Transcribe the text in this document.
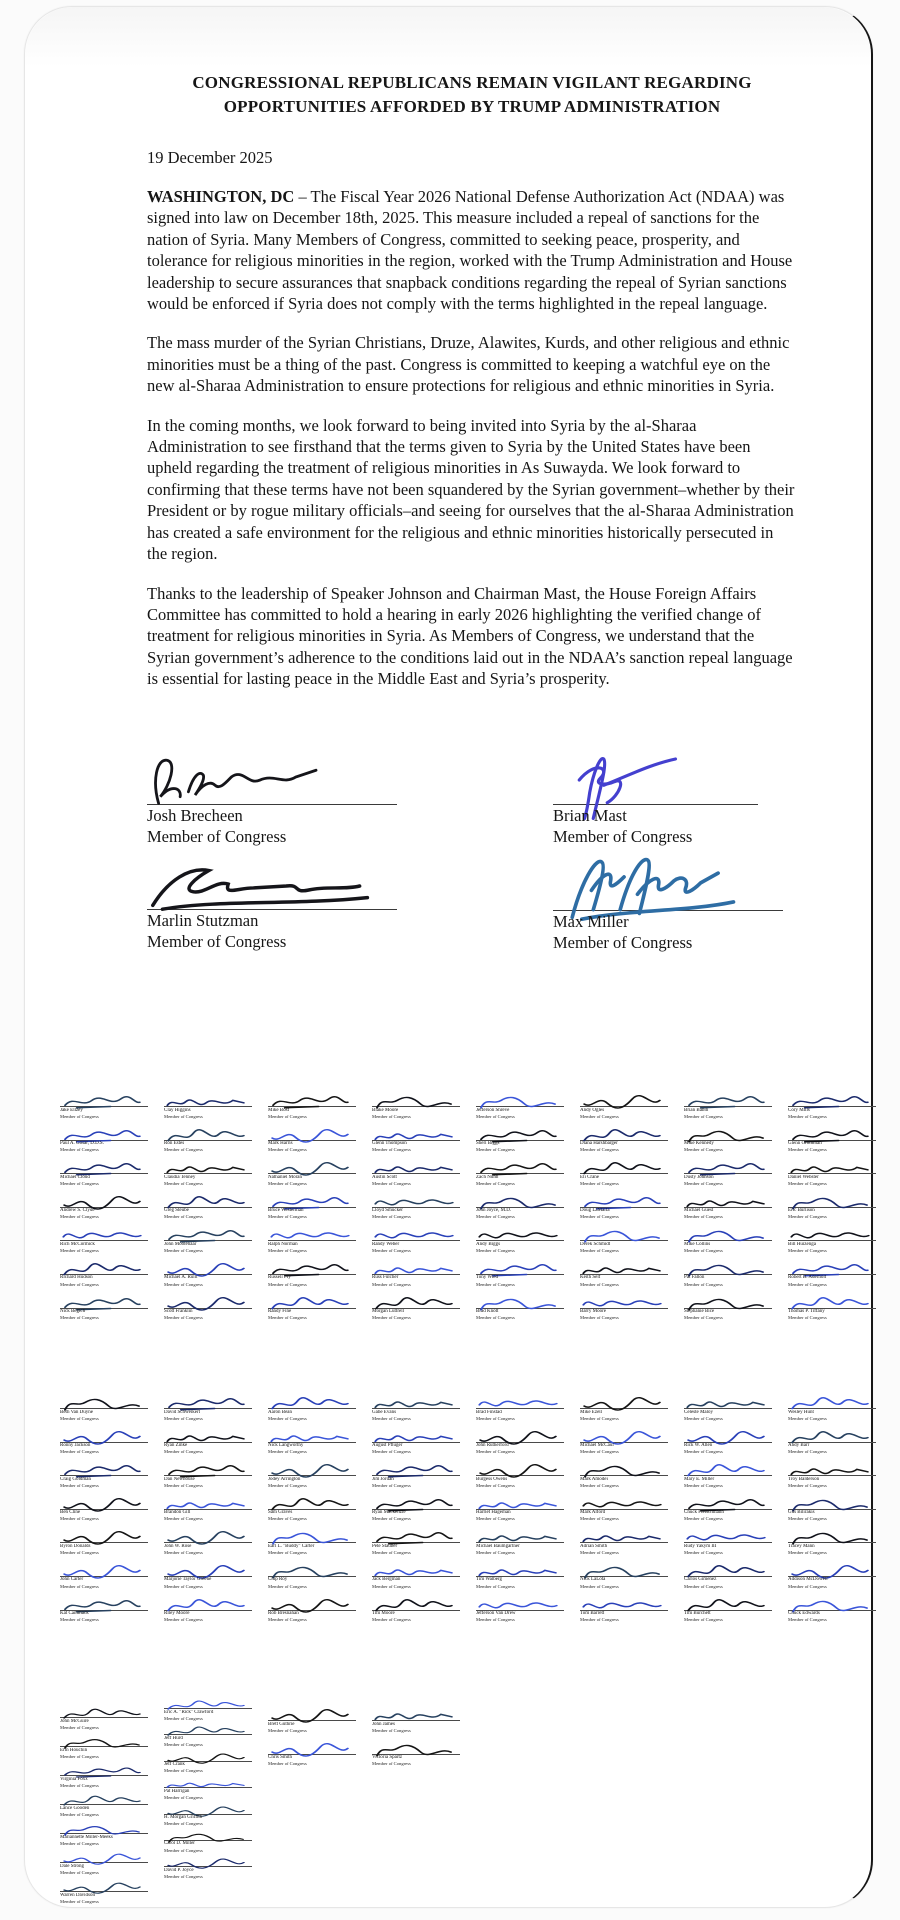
CONGRESSIONAL REPUBLICANS REMAIN VIGILANT REGARDING
OPPORTUNITIES AFFORDED BY TRUMP ADMINISTRATION
19 December 2025

WASHINGTON, DC – The Fiscal Year 2026 National Defense Authorization Act (NDAA) was signed into law on December 18th, 2025. This measure included a repeal of sanctions for the nation of Syria. Many Members of Congress, committed to seeking peace, prosperity, and tolerance for religious minorities in the region, worked with the Trump Administration and House leadership to secure assurances that snapback conditions regarding the repeal of Syrian sanctions would be enforced if Syria does not comply with the terms highlighted in the repeal language.

The mass murder of the Syrian Christians, Druze, Alawites, Kurds, and other religious and ethnic minorities must be a thing of the past. Congress is committed to keeping a watchful eye on the new al-Sharaa Administration to ensure protections for religious and ethnic minorities in Syria.

In the coming months, we look forward to being invited into Syria by the al-Sharaa Administration to see firsthand that the terms given to Syria by the United States have been upheld regarding the treatment of religious minorities in As Suwayda. We look forward to confirming that these terms have not been squandered by the Syrian government–whether by their President or by rogue military officials–and seeing for ourselves that the al-Sharaa Administration has created a safe environment for the religious and ethnic minorities historically persecuted in the region.

Thanks to the leadership of Speaker Johnson and Chairman Mast, the House Foreign Affairs Committee has committed to hold a hearing in early 2026 highlighting the verified change of treatment for religious minorities in Syria. As Members of Congress, we understand that the Syrian government’s adherence to the conditions laid out in the NDAA’s sanction repeal language is essential for lasting peace in the Middle East and Syria’s prosperity.

Josh Brecheen
Member of Congress
Brian Mast
Member of Congress
Marlin Stutzman
Member of Congress
Max Miller
Member of Congress
Jake Ellzey
Member of Congress
Paul A. Gosar, D.D.S.
Member of Congress
Michael Cloud
Member of Congress
Andrew S. Clyde
Member of Congress
Rich McCormick
Member of Congress
Richard Hudson
Member of Congress
Nick Begich
Member of Congress
Clay Higgins
Member of Congress
Ron Estes
Member of Congress
Claudia Tenney
Member of Congress
Greg Steube
Member of Congress
John Moolenaar
Member of Congress
Michael A. Rulli
Member of Congress
Scott Franklin
Member of Congress
Mike Bost
Member of Congress
Mark Harris
Member of Congress
Nathaniel Moran
Member of Congress
Bruce Westerman
Member of Congress
Ralph Norman
Member of Congress
Russell Fry
Member of Congress
Randy Fine
Member of Congress
Blake Moore
Member of Congress
Glenn Thompson
Member of Congress
Austin Scott
Member of Congress
Lloyd Smucker
Member of Congress
Randy Weber
Member of Congress
Russ Fulcher
Member of Congress
Morgan Luttrell
Member of Congress
Jefferson Shreve
Member of Congress
Sheri Biggs
Member of Congress
Zach Nunn
Member of Congress
John Joyce, M.D.
Member of Congress
Andy Biggs
Member of Congress
Tony Wied
Member of Congress
Brad Knott
Member of Congress
Andy Ogles
Member of Congress
Diana Harshbarger
Member of Congress
Eli Crane
Member of Congress
Doug LaMalfa
Member of Congress
Derek Schmidt
Member of Congress
Keith Self
Member of Congress
Barry Moore
Member of Congress
Brian Babin
Member of Congress
Mike Kennedy
Member of Congress
Dusty Johnson
Member of Congress
Michael Guest
Member of Congress
Mike Collins
Member of Congress
Pat Fallon
Member of Congress
Stephanie Bice
Member of Congress
Cory Mills
Member of Congress
Glenn Grothman
Member of Congress
Daniel Webster
Member of Congress
Eric Burlison
Member of Congress
Bill Huizenga
Member of Congress
Robert B. Aderholt
Member of Congress
Thomas P. Tiffany
Member of Congress
Beth Van Duyne
Member of Congress
Ronny Jackson
Member of Congress
Craig Goldman
Member of Congress
Ben Cline
Member of Congress
Byron Donalds
Member of Congress
John Carter
Member of Congress
Kat Cammack
Member of Congress
David Schweikert
Member of Congress
Ryan Zinke
Member of Congress
Dan Newhouse
Member of Congress
Brandon Gill
Member of Congress
John W. Rose
Member of Congress
Marjorie Taylor Greene
Member of Congress
Riley Moore
Member of Congress
Aaron Bean
Member of Congress
Nick Langworthy
Member of Congress
Jodey Arrington
Member of Congress
Sam Graves
Member of Congress
Earl L. "Buddy" Carter
Member of Congress
Chip Roy
Member of Congress
Rob Bresnahan
Member of Congress
Gabe Evans
Member of Congress
August Pfluger
Member of Congress
Jim Jordan
Member of Congress
Ryan Mackenzie
Member of Congress
Pete Stauber
Member of Congress
Jack Bergman
Member of Congress
Tim Moore
Member of Congress
Brad Finstad
Member of Congress
John Rutherford
Member of Congress
Burgess Owens
Member of Congress
Harriet Hageman
Member of Congress
Michael Baumgartner
Member of Congress
Tim Walberg
Member of Congress
Jefferson Van Drew
Member of Congress
Mike Ezell
Member of Congress
Michael McCaul
Member of Congress
Mark Amodei
Member of Congress
Mark Alford
Member of Congress
Adrian Smith
Member of Congress
Nick LaLota
Member of Congress
Tom Barrett
Member of Congress
Celeste Maloy
Member of Congress
Rick W. Allen
Member of Congress
Mary E. Miller
Member of Congress
Chuck Fleischmann
Member of Congress
Rudy Yakym III
Member of Congress
Carlos Gimenez
Member of Congress
Tim Burchett
Member of Congress
Wesley Hunt
Member of Congress
Andy Barr
Member of Congress
Troy Balderson
Member of Congress
Gus Bilirakis
Member of Congress
Tracey Mann
Member of Congress
Addison McDowell
Member of Congress
Chuck Edwards
Member of Congress
John McGuire
Member of Congress
Erin Houchin
Member of Congress
Virginia Foxx
Member of Congress
Lance Gooden
Member of Congress
Mariannette Miller-Meeks
Member of Congress
Dale Strong
Member of Congress
Warren Davidson
Member of Congress
Eric A. "Rick" Crawford
Member of Congress
Jeff Hurd
Member of Congress
Jeff Crank
Member of Congress
Pat Harrigan
Member of Congress
H. Morgan Griffith
Member of Congress
Carol D. Miller
Member of Congress
David P. Joyce
Member of Congress
Brett Guthrie
Member of Congress
Chris Smith
Member of Congress
John James
Member of Congress
Victoria Spartz
Member of Congress
